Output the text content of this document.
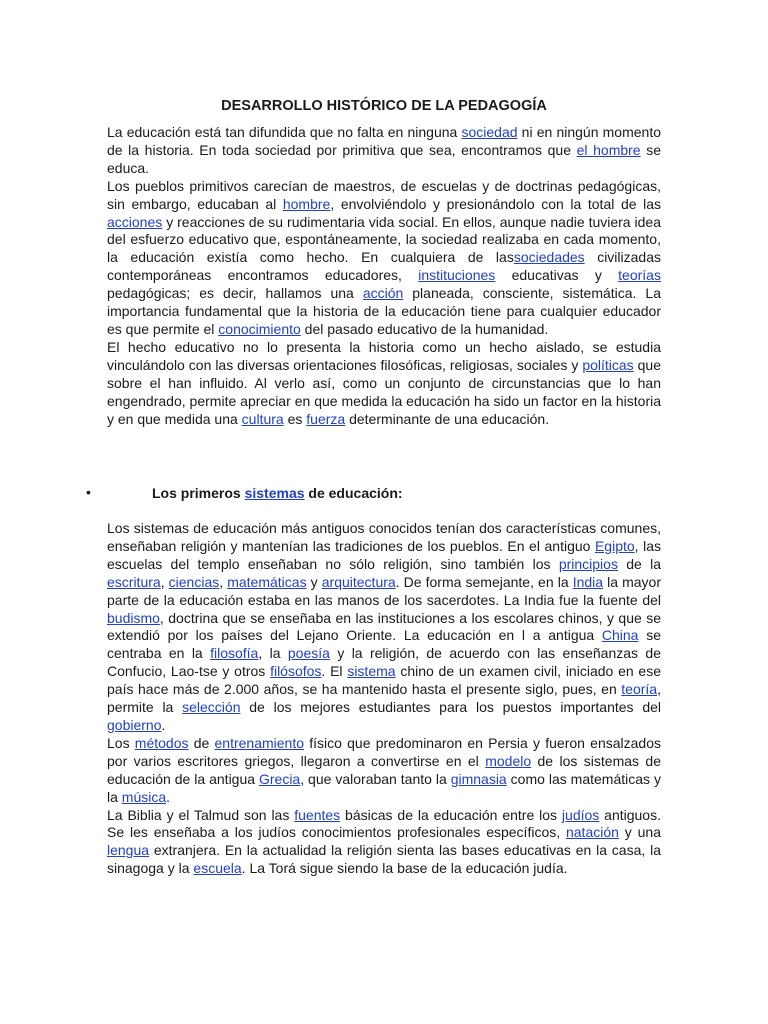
DESARROLLO HISTÓRICO DE LA PEDAGOGÍA

La educación está tan difundida que no falta en ninguna sociedad ni en ningún momento de la historia. En toda sociedad por primitiva que sea, encontramos que el hombre se educa.

Los pueblos primitivos carecían de maestros, de escuelas y de doctrinas pedagógicas, sin embargo, educaban al hombre, envolviéndolo y presionándolo con la total de las acciones y reacciones de su rudimentaria vida social. En ellos, aunque nadie tuviera idea del esfuerzo educativo que, espontáneamente, la sociedad realizaba en cada momento, la educación existía como hecho. En cualquiera de lassociedades civilizadas contemporáneas encontramos educadores, instituciones educativas y teorías pedagógicas; es decir, hallamos una acción planeada, consciente, sistemática. La importancia fundamental que la historia de la educación tiene para cualquier educador es que permite el conocimiento del pasado educativo de la humanidad.

El hecho educativo no lo presenta la historia como un hecho aislado, se estudia vinculándolo con las diversas orientaciones filosóficas, religiosas, sociales y políticas que sobre el han influido. Al verlo así, como un conjunto de circunstancias que lo han engendrado, permite apreciar en que medida la educación ha sido un factor en la historia y en que medida una cultura es fuerza determinante de una educación.

•	Los primeros sistemas de educación:

Los sistemas de educación más antiguos conocidos tenían dos características comunes, enseñaban religión y mantenían las tradiciones de los pueblos. En el antiguo Egipto, las escuelas del templo enseñaban no sólo religión, sino también los principios de la escritura, ciencias, matemáticas y arquitectura. De forma semejante, en la India la mayor parte de la educación estaba en las manos de los sacerdotes. La India fue la fuente del budismo, doctrina que se enseñaba en las instituciones a los escolares chinos, y que se extendió por los países del Lejano Oriente. La educación en l a antigua China se centraba en la filosofía, la poesía y la religión, de acuerdo con las enseñanzas de Confucio, Lao-tse y otros filósofos. El sistema chino de un examen civil, iniciado en ese país hace más de 2.000 años, se ha mantenido hasta el presente siglo, pues, en teoría, permite la selección de los mejores estudiantes para los puestos importantes del gobierno.

Los métodos de entrenamiento físico que predominaron en Persia y fueron ensalzados por varios escritores griegos, llegaron a convertirse en el modelo de los sistemas de educación de la antigua Grecia, que valoraban tanto la gimnasia como las matemáticas y la música.

La Biblia y el Talmud son las fuentes básicas de la educación entre los judíos antiguos. Se les enseñaba a los judíos conocimientos profesionales específicos, natación y una lengua extranjera. En la actualidad la religión sienta las bases educativas en la casa, la sinagoga y la escuela. La Torá sigue siendo la base de la educación judía.
